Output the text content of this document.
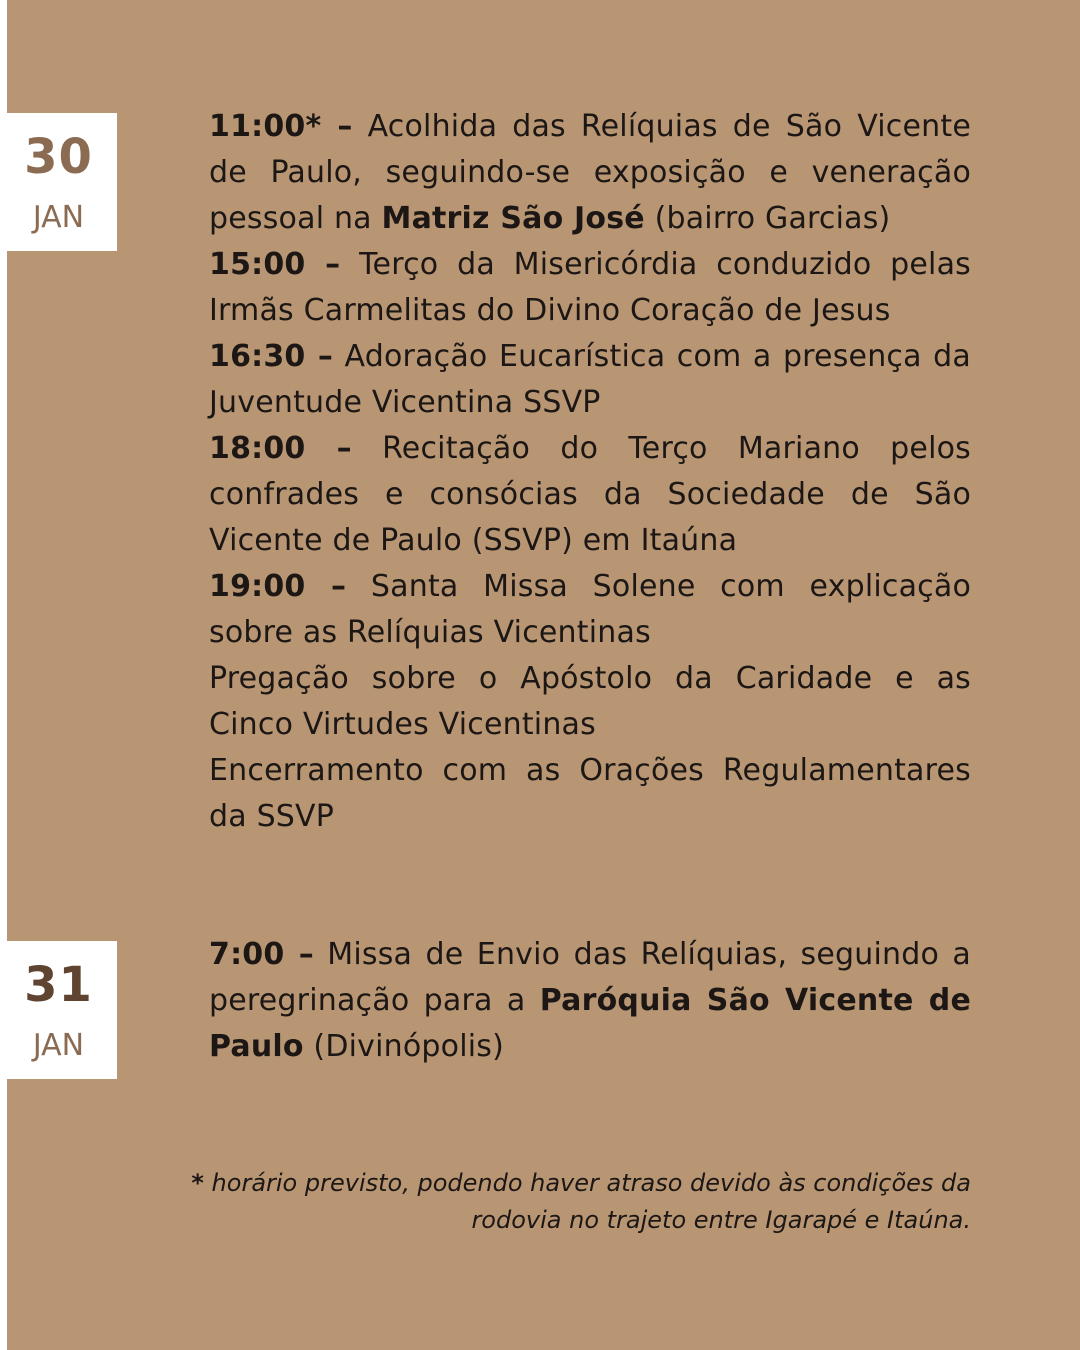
30
JAN

11:00* – Acolhida das Relíquias de São Vicente de Paulo, seguindo-se exposição e veneração pessoal na Matriz São José (bairro Garcias)

15:00 – Terço da Misericórdia conduzido pelas Irmãs Carmelitas do Divino Coração de Jesus

16:30 – Adoração Eucarística com a presença da Juventude Vicentina SSVP

18:00 – Recitação do Terço Mariano pelos confrades e consócias da Sociedade de São Vicente de Paulo (SSVP) em Itaúna

19:00 – Santa Missa Solene com explicação sobre as Relíquias Vicentinas

Pregação sobre o Apóstolo da Caridade e as Cinco Virtudes Vicentinas

Encerramento com as Orações Regulamentares da SSVP

31
JAN

7:00 – Missa de Envio das Relíquias, seguindo a peregrinação para a Paróquia São Vicente de Paulo (Divinópolis)

* horário previsto, podendo haver atraso devido às condições da rodovia no trajeto entre Igarapé e Itaúna.
